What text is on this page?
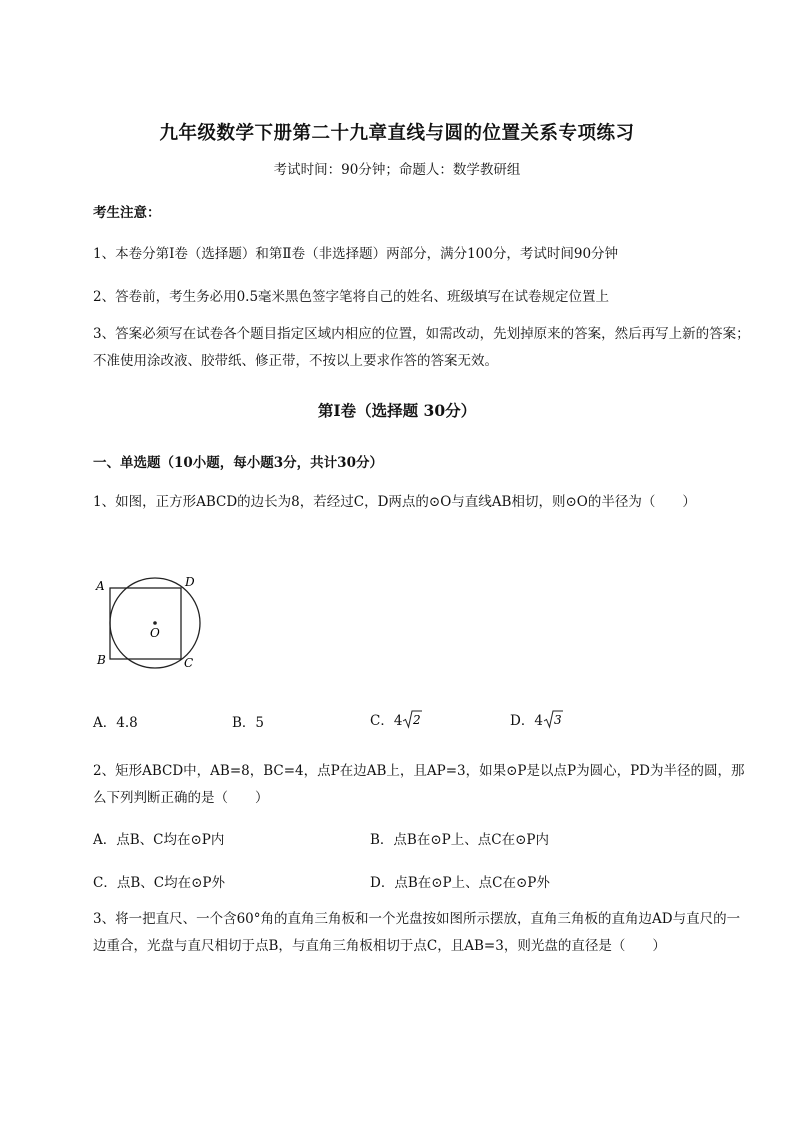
九年级数学下册第二十九章直线与圆的位置关系专项练习
考试时间：90分钟；命题人：数学教研组
考生注意：
1、本卷分第I卷（选择题）和第Ⅱ卷（非选择题）两部分，满分100分，考试时间90分钟
2、答卷前，考生务必用0.5毫米黑色签字笔将自己的姓名、班级填写在试卷规定位置上
3、答案必须写在试卷各个题目指定区域内相应的位置，如需改动，先划掉原来的答案，然后再写上新的答案；不准使用涂改液、胶带纸、修正带，不按以上要求作答的答案无效。
第I卷（选择题 30分）
一、单选题（10小题，每小题3分，共计30分）
1、如图，正方形ABCD的边长为8，若经过C，D两点的⊙O与直线AB相切，则⊙O的半径为（　　）
A
B	C
D
O
A．4.8	B．5	C．4 2	D．4 3
2、矩形ABCD中，AB=8，BC=4，点P在边AB上，且AP=3，如果⊙P是以点P为圆心，PD为半径的圆，那么下列判断正确的是（　　）
A．点B、C均在⊙P内	B．点B在⊙P上、点C在⊙P内
C．点B、C均在⊙P外	D．点B在⊙P上、点C在⊙P外
3、将一把直尺、一个含60°角的直角三角板和一个光盘按如图所示摆放，直角三角板的直角边AD与直尺的一边重合，光盘与直尺相切于点B，与直角三角板相切于点C，且AB=3，则光盘的直径是（　　）
